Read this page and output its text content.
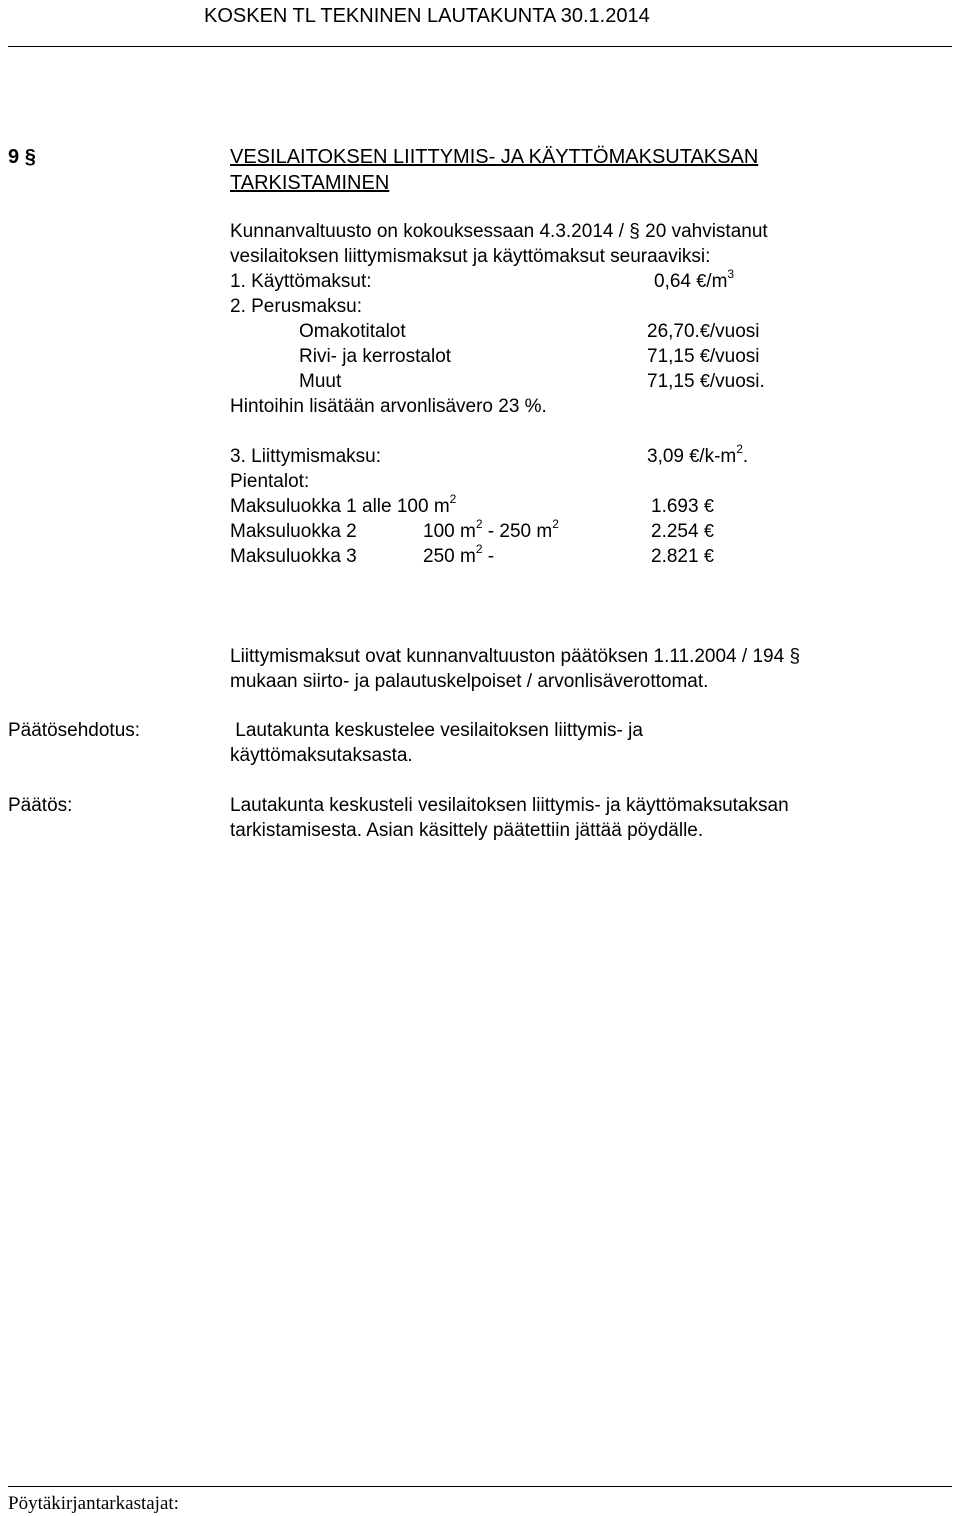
KOSKEN TL TEKNINEN LAUTAKUNTA 30.1.2014
9 §	VESILAITOKSEN LIITTYMIS- JA KÄYTTÖMAKSUTAKSAN
TARKISTAMINEN
Kunnanvaltuusto on kokouksessaan 4.3.2014 / § 20 vahvistanut
vesilaitoksen liittymismaksut ja käyttömaksut seuraaviksi:
1. Käyttömaksut:	0,64 $€/m^3$
2. Perusmaksu:
Omakotitalot	26,70.€/vuosi
Rivi- ja kerrostalot	71,15 €/vuosi
Muut	71,15 €/vuosi.
Hintoihin lisätään arvonlisävero 23 %.
3. Liittymismaksu:	3,09 $€/k-m^2$.
Pientalot:
Maksuluokka 1 alle 100 $m^2$	1.693 €
Maksuluokka 2	100 $m^2 - 250$ $m^2$	2.254 €
Maksuluokka 3	250 $m^2$ -	2.821 €
Liittymismaksut ovat kunnanvaltuuston päätöksen 1.11.2004 / 194 §
mukaan siirto- ja palautuskelpoiset / arvonlisäverottomat.
Päätösehdotus:	Lautakunta keskustelee vesilaitoksen liittymis- ja
käyttömaksutaksasta.
Päätös:	Lautakunta keskusteli vesilaitoksen liittymis- ja käyttömaksutaksan
tarkistamisesta. Asian käsittely päätettiin jättää pöydälle.
Pöytäkirjantarkastajat:
